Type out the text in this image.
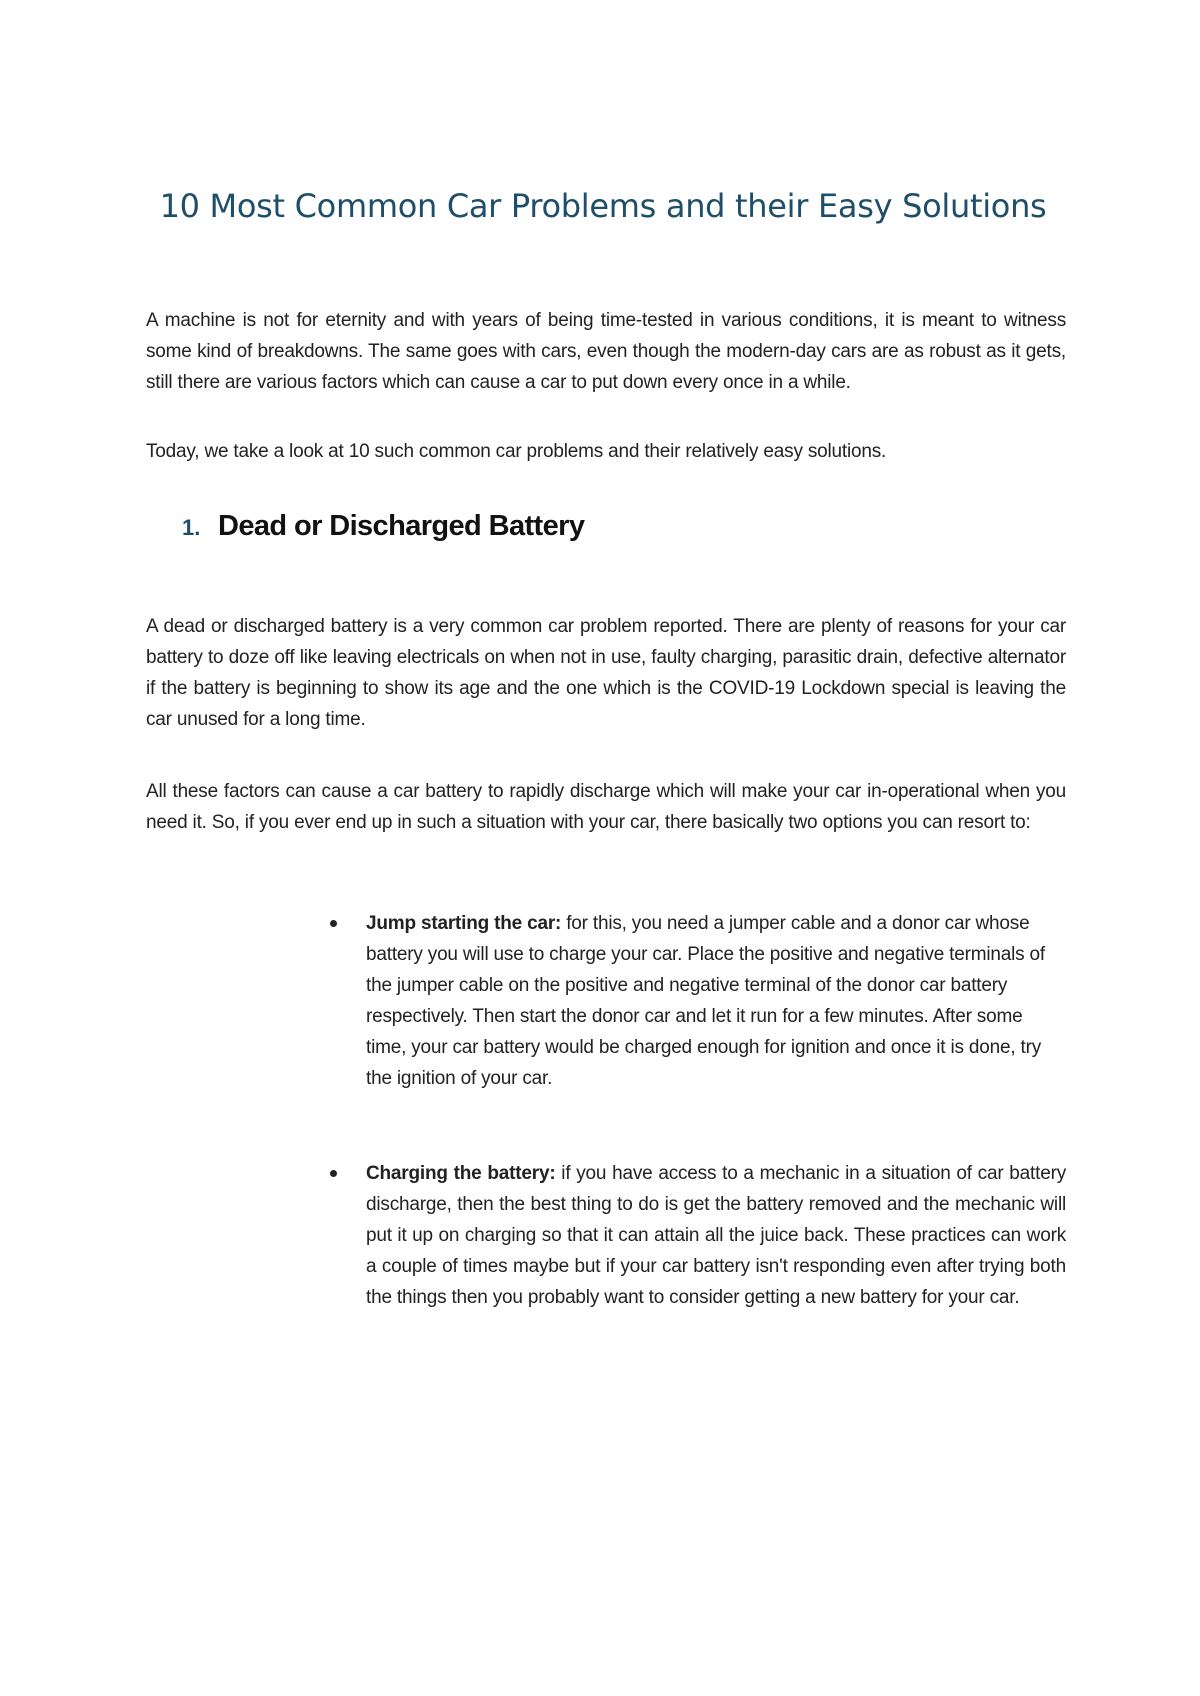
10 Most Common Car Problems and their Easy Solutions

A machine is not for eternity and with years of being time-tested in various conditions, it is meant to witness some kind of breakdowns. The same goes with cars, even though the modern-day cars are as robust as it gets, still there are various factors which can cause a car to put down every once in a while.

Today, we take a look at 10 such common car problems and their relatively easy solutions.

1. Dead or Discharged Battery

A dead or discharged battery is a very common car problem reported. There are plenty of reasons for your car battery to doze off like leaving electricals on when not in use, faulty charging, parasitic drain, defective alternator if the battery is beginning to show its age and the one which is the COVID-19 Lockdown special is leaving the car unused for a long time.

All these factors can cause a car battery to rapidly discharge which will make your car in-operational when you need it. So, if you ever end up in such a situation with your car, there basically two options you can resort to:

Jump starting the car: for this, you need a jumper cable and a donor car whose battery you will use to charge your car. Place the positive and negative terminals of the jumper cable on the positive and negative terminal of the donor car battery respectively. Then start the donor car and let it run for a few minutes. After some time, your car battery would be charged enough for ignition and once it is done, try the ignition of your car.
Charging the battery: if you have access to a mechanic in a situation of car battery discharge, then the best thing to do is get the battery removed and the mechanic will put it up on charging so that it can attain all the juice back. These practices can work a couple of times maybe but if your car battery isn't responding even after trying both the things then you probably want to consider getting a new battery for your car.
